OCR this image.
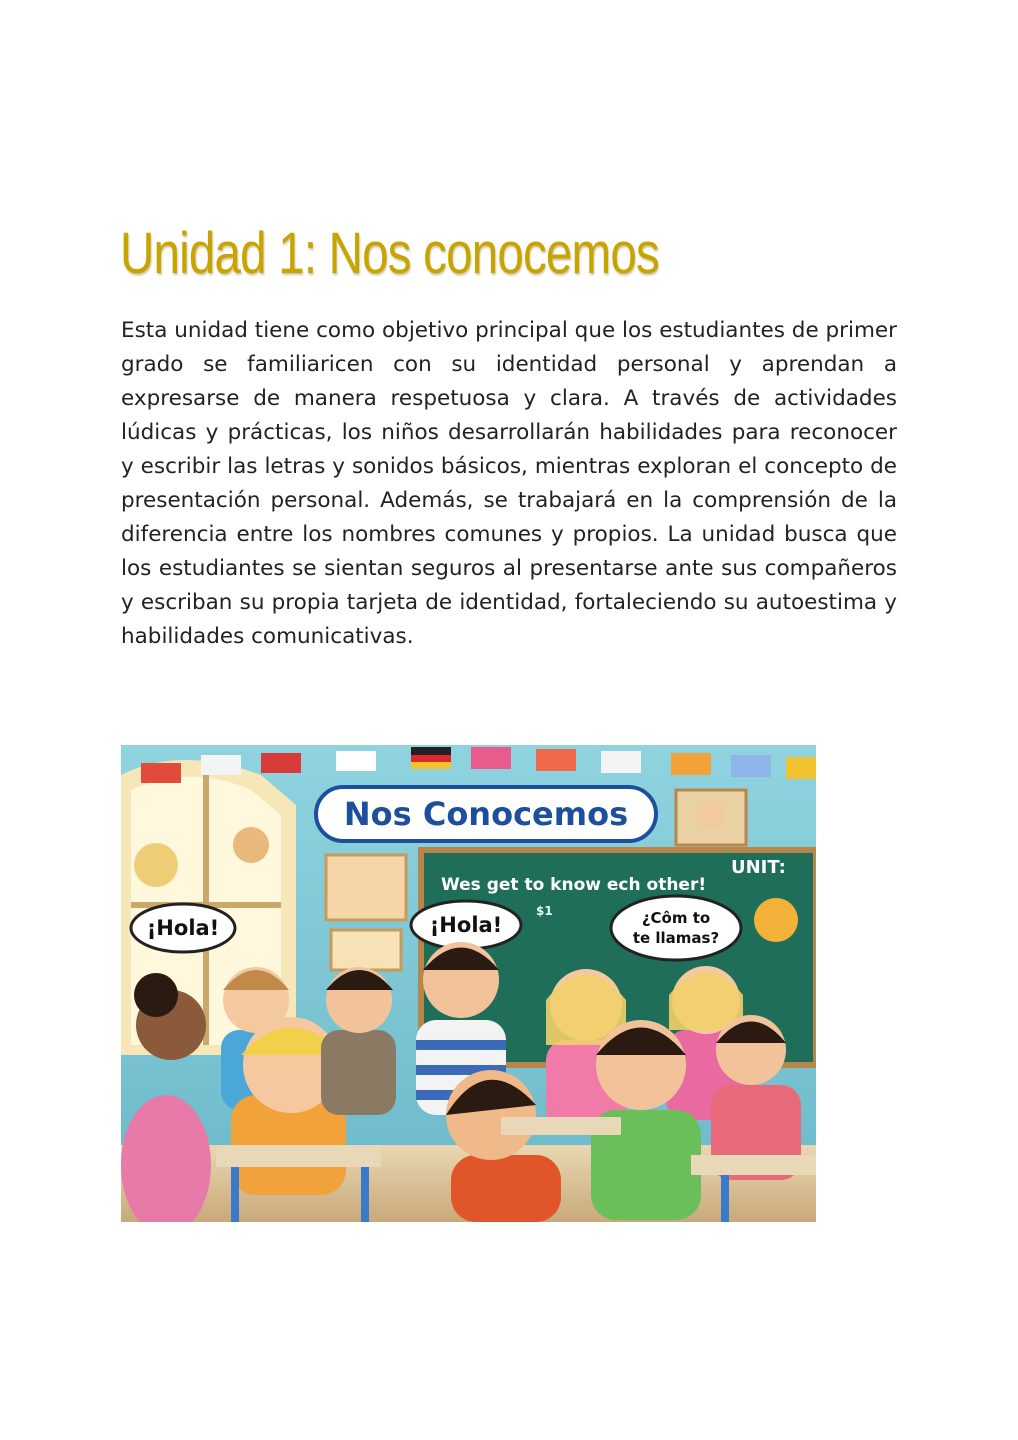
Unidad 1: Nos conocemos

Esta unidad tiene como objetivo principal que los estudiantes de primer grado se familiaricen con su identidad personal y aprendan a expresarse de manera respetuosa y clara. A través de actividades lúdicas y prácticas, los niños desarrollarán habilidades para reconocer y escribir las letras y sonidos básicos, mientras exploran el concepto de presentación personal. Además, se trabajará en la comprensión de la diferencia entre los nombres comunes y propios. La unidad busca que los estudiantes se sientan seguros al presentarse ante sus compañeros y escriban su propia tarjeta de identidad, fortaleciendo su autoestima y habilidades comunicativas.

Nos Conocemos
Wes get to know ech other!
UNIT:
$1
¡Hola!	¡Hola!	¿Côm to
te llamas?
